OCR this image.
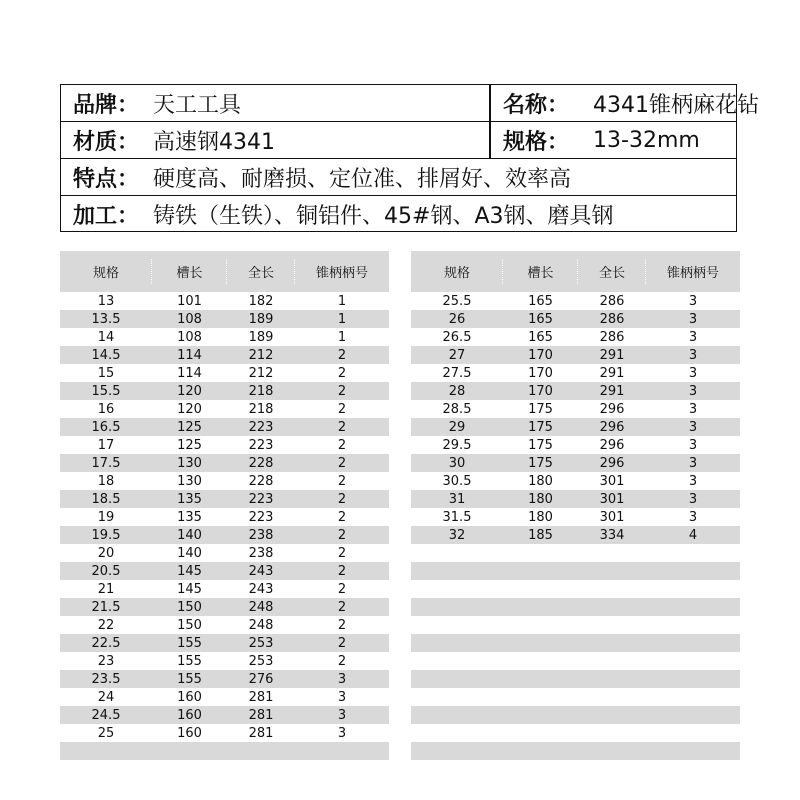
品牌： 天工工具	名称： 4341锥柄麻花钻
材质： 高速钢4341	规格： 13-32mm
特点： 硬度高、耐磨损、定位准、排屑好、效率高
加工： 铸铁（生铁）、铜铝件、45#钢、A3钢、磨具钢
规格	槽长	全长	锥柄柄号
13	101	182	1
13.5	108	189	1
14	108	189	1
14.5	114	212	2
15	114	212	2
15.5	120	218	2
16	120	218	2
16.5	125	223	2
17	125	223	2
17.5	130	228	2
18	130	228	2
18.5	135	223	2
19	135	223	2
19.5	140	238	2
20	140	238	2
20.5	145	243	2
21	145	243	2
21.5	150	248	2
22	150	248	2
22.5	155	253	2
23	155	253	2
23.5	155	276	3
24	160	281	3
24.5	160	281	3
25	160	281	3
规格	槽长	全长	锥柄柄号
25.5	165	286	3
26	165	286	3
26.5	165	286	3
27	170	291	3
27.5	170	291	3
28	170	291	3
28.5	175	296	3
29	175	296	3
29.5	175	296	3
30	175	296	3
30.5	180	301	3
31	180	301	3
31.5	180	301	3
32	185	334	4
